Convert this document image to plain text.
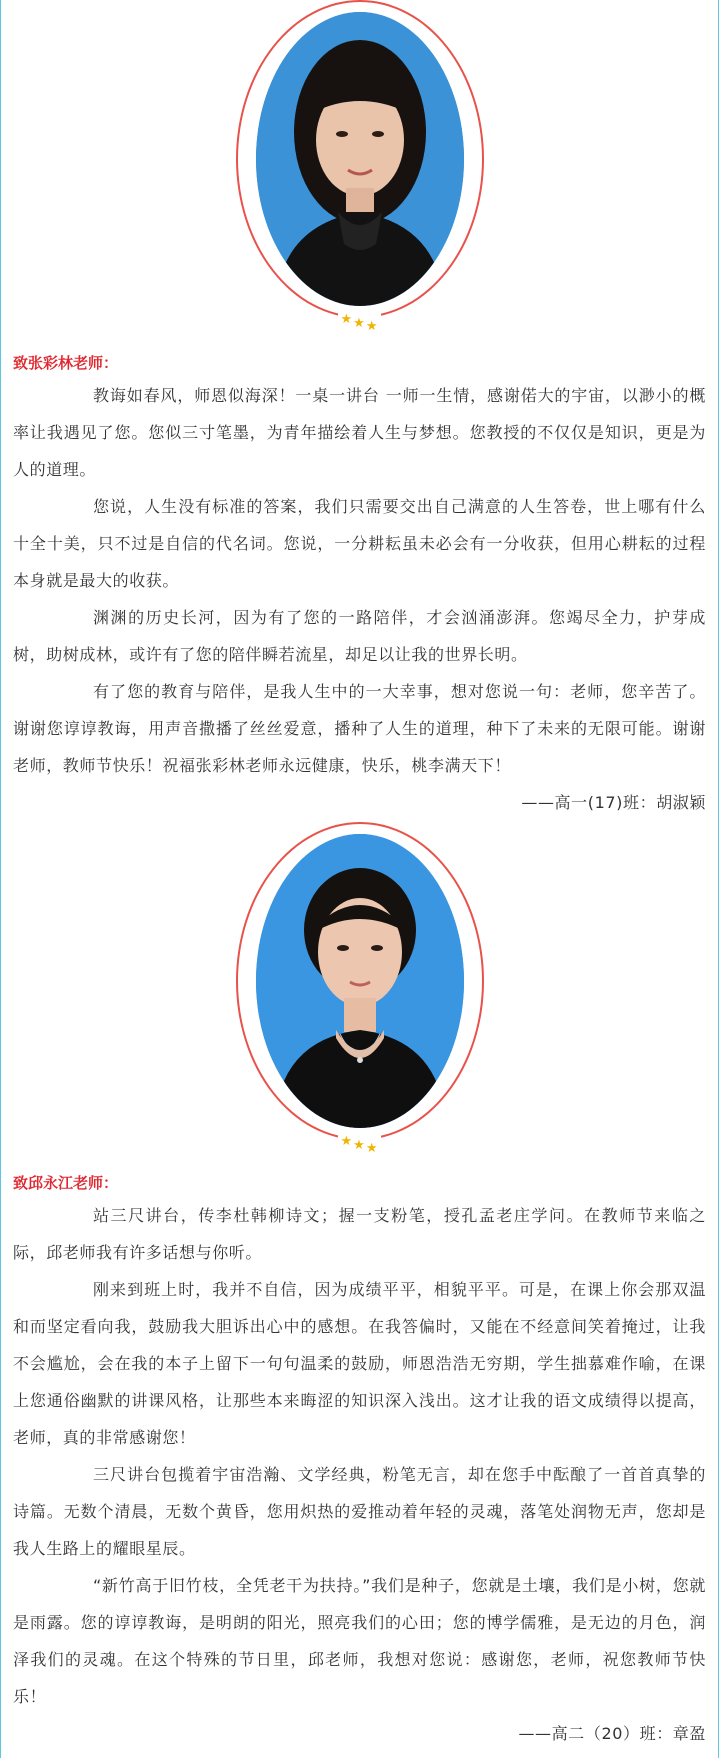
★★★

致张彩林老师：

教诲如春风，师恩似海深！一桌一讲台 一师一生情，感谢偌大的宇宙，以渺小的概率让我遇见了您。您似三寸笔墨，为青年描绘着人生与梦想。您教授的不仅仅是知识，更是为人的道理。

您说，人生没有标准的答案，我们只需要交出自己满意的人生答卷，世上哪有什么十全十美，只不过是自信的代名词。您说，一分耕耘虽未必会有一分收获，但用心耕耘的过程本身就是最大的收获。

渊渊的历史长河，因为有了您的一路陪伴，才会汹涌澎湃。您竭尽全力，护芽成树，助树成林，或许有了您的陪伴瞬若流星，却足以让我的世界长明。

有了您的教育与陪伴，是我人生中的一大幸事，想对您说一句：老师，您辛苦了。谢谢您谆谆教诲，用声音撒播了丝丝爱意，播种了人生的道理，种下了未来的无限可能。谢谢老师，教师节快乐！祝福张彩林老师永远健康，快乐，桃李满天下！

——高一(17)班：胡淑颖

★★★

致邱永江老师：

站三尺讲台，传李杜韩柳诗文；握一支粉笔，授孔孟老庄学问。在教师节来临之际，邱老师我有许多话想与你听。

刚来到班上时，我并不自信，因为成绩平平，相貌平平。可是，在课上你会那双温和而坚定看向我，鼓励我大胆诉出心中的感想。在我答偏时，又能在不经意间笑着掩过，让我不会尴尬，会在我的本子上留下一句句温柔的鼓励，师恩浩浩无穷期，学生拙慕难作喻，在课上您通俗幽默的讲课风格，让那些本来晦涩的知识深入浅出。这才让我的语文成绩得以提高，老师，真的非常感谢您！

三尺讲台包揽着宇宙浩瀚、文学经典，粉笔无言，却在您手中酝酿了一首首真挚的诗篇。无数个清晨，无数个黄昏，您用炽热的爱推动着年轻的灵魂，落笔处润物无声，您却是我人生路上的耀眼星辰。

“新竹高于旧竹枝，全凭老干为扶持。”我们是种子，您就是土壤，我们是小树，您就是雨露。您的谆谆教诲，是明朗的阳光，照亮我们的心田；您的博学儒雅，是无边的月色，润泽我们的灵魂。在这个特殊的节日里，邱老师，我想对您说：感谢您，老师，祝您教师节快乐！

——高二（20）班：章盈
